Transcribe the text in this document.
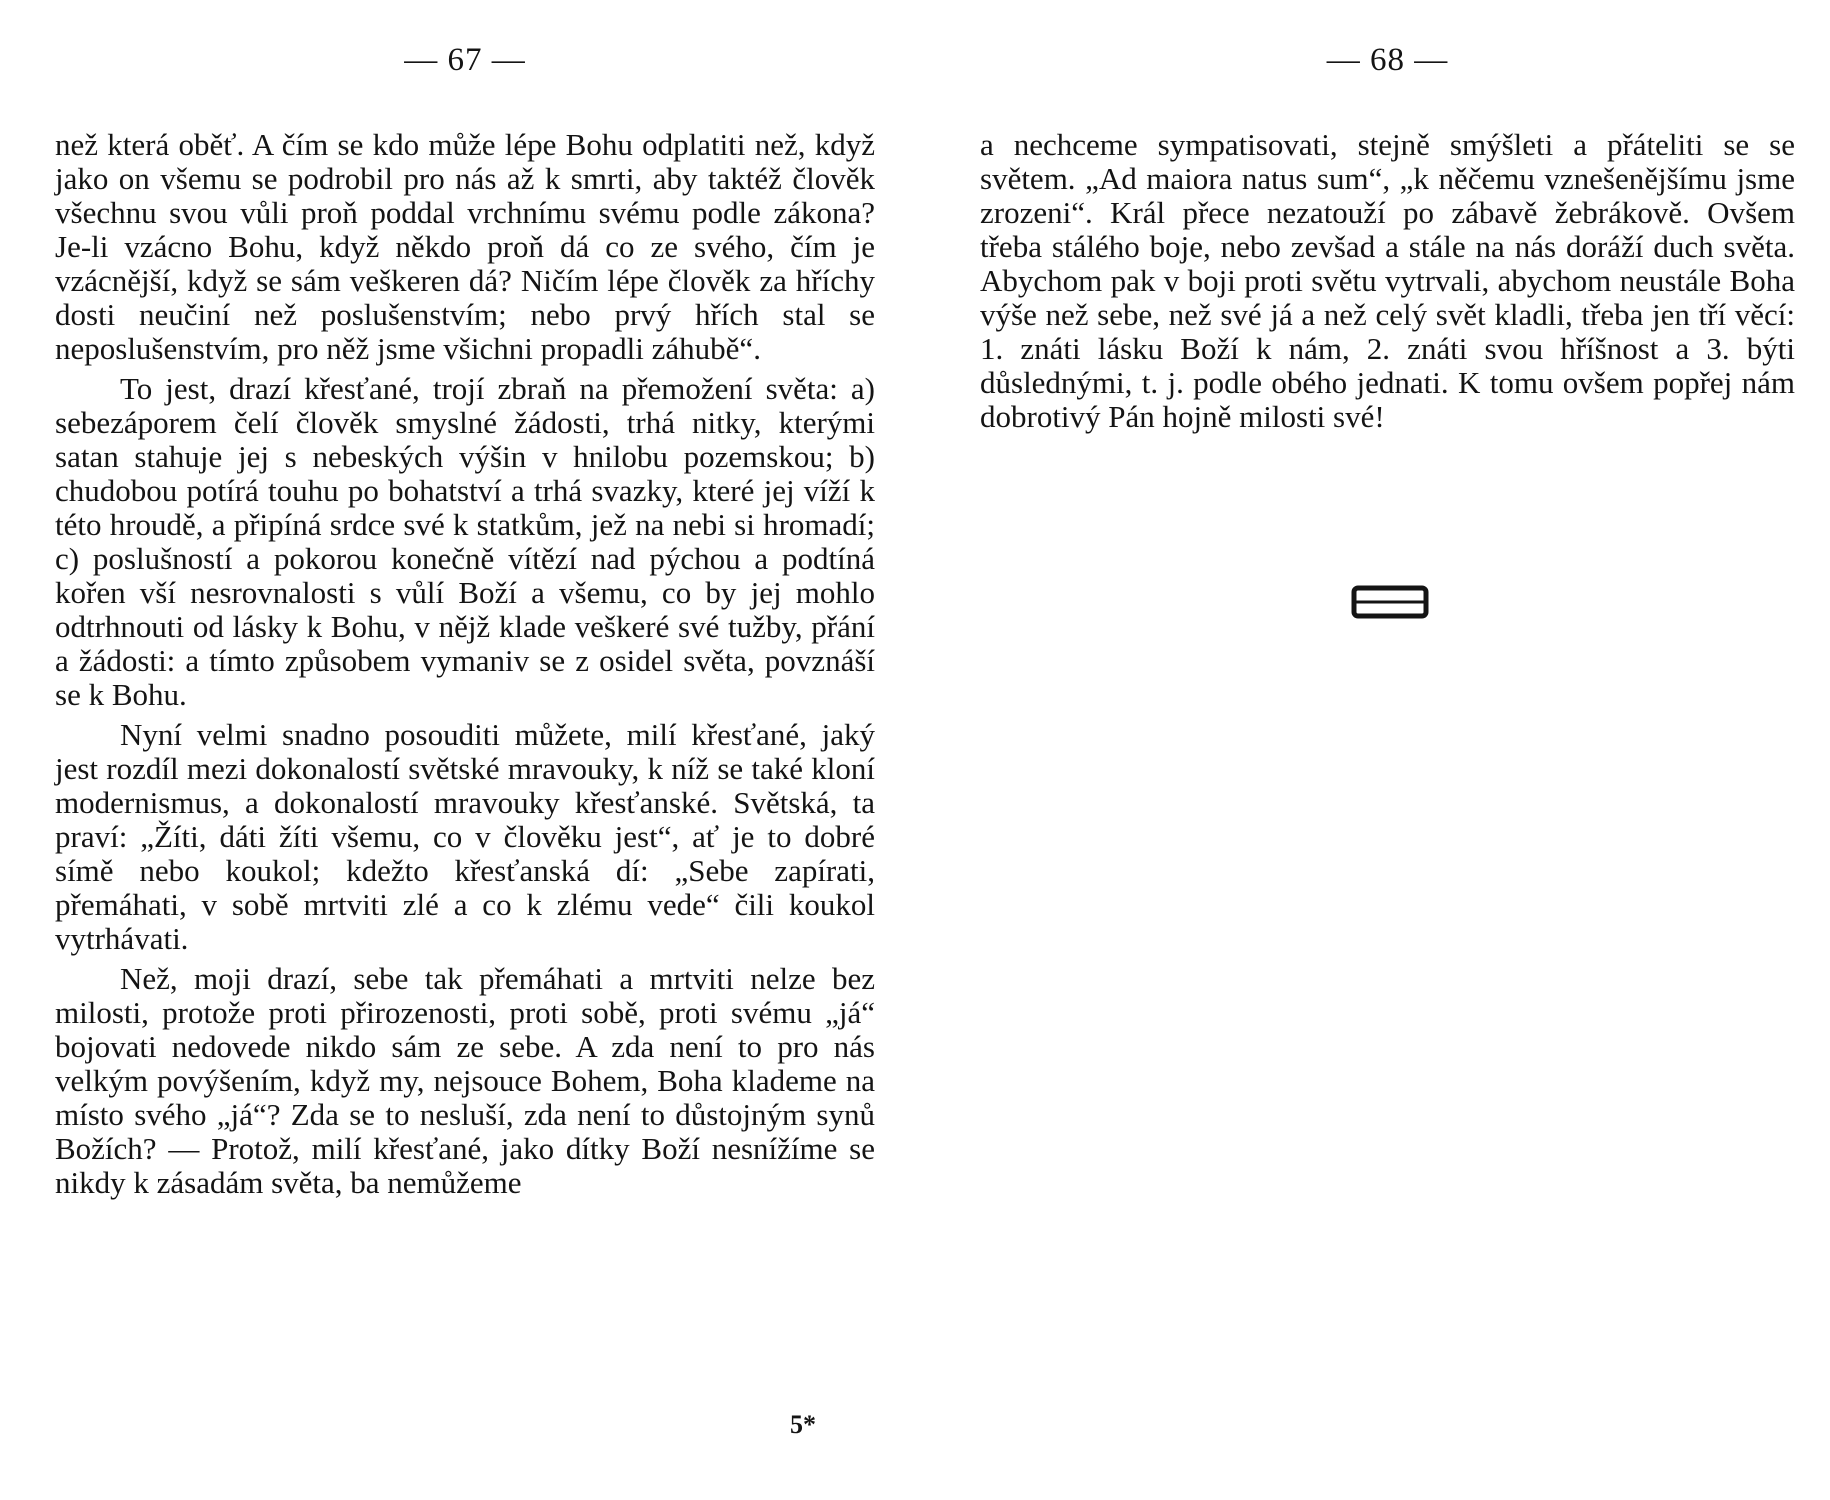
— 67 —

než která oběť. A čím se kdo může lépe Bohu odplatiti než, když jako on všemu se podrobil pro nás až k smrti, aby taktéž člověk všechnu svou vůli proň poddal vrchnímu svému podle zákona? Je-li vzácno Bohu, když někdo proň dá co ze svého, čím je vzácnější, když se sám veškeren dá? Ničím lépe člověk za hříchy dosti neučiní než poslušenstvím; nebo prvý hřích stal se neposlušenstvím, pro něž jsme všichni propadli záhubě“.

To jest, drazí křesťané, trojí zbraň na přemožení světa: a) sebezáporem čelí člověk smyslné žádosti, trhá nitky, kterými satan stahuje jej s nebeských výšin v hnilobu pozemskou; b) chudobou potírá touhu po bohatství a trhá svazky, které jej víží k této hroudě, a připíná srdce své k statkům, jež na nebi si hromadí; c) poslušností a pokorou konečně vítězí nad pýchou a podtíná kořen vší nesrovnalosti s vůlí Boží a všemu, co by jej mohlo odtrhnouti od lásky k Bohu, v nějž klade veškeré své tužby, přání a žádosti: a tímto způsobem vymaniv se z osidel světa, povznáší se k Bohu.

Nyní velmi snadno posouditi můžete, milí křesťané, jaký jest rozdíl mezi dokonalostí světské mravouky, k níž se také kloní modernismus, a dokonalostí mravouky křesťanské. Světská, ta praví: „Žíti, dáti žíti všemu, co v člověku jest“, ať je to dobré símě nebo koukol; kdežto křesťanská dí: „Sebe zapírati, přemáhati, v sobě mrtviti zlé a co k zlému vede“ čili koukol vytrhávati.

Než, moji drazí, sebe tak přemáhati a mrtviti nelze bez milosti, protože proti přirozenosti, proti sobě, proti svému „já“ bojovati nedovede nikdo sám ze sebe. A zda není to pro nás velkým povýšením, když my, nejsouce Bohem, Boha klademe na místo svého „já“? Zda se to nesluší, zda není to důstojným synů Božích? — Protož, milí křesťané, jako dítky Boží nesnížíme se nikdy k zásadám světa, ba nemůžeme

5*
— 68 —

a nechceme sympatisovati, stejně smýšleti a přáteliti se se světem. „Ad maiora natus sum“, „k něčemu vznešenějšímu jsme zrozeni“. Král přece nezatouží po zábavě žebrákově. Ovšem třeba stálého boje, nebo zevšad a stále na nás doráží duch světa. Abychom pak v boji proti světu vytrvali, abychom neustále Boha výše než sebe, než své já a než celý svět kladli, třeba jen tří věcí: 1. znáti lásku Boží k nám, 2. znáti svou hříšnost a 3. býti důslednými, t. j. podle obého jednati. K tomu ovšem popřej nám dobrotivý Pán hojně milosti své!
